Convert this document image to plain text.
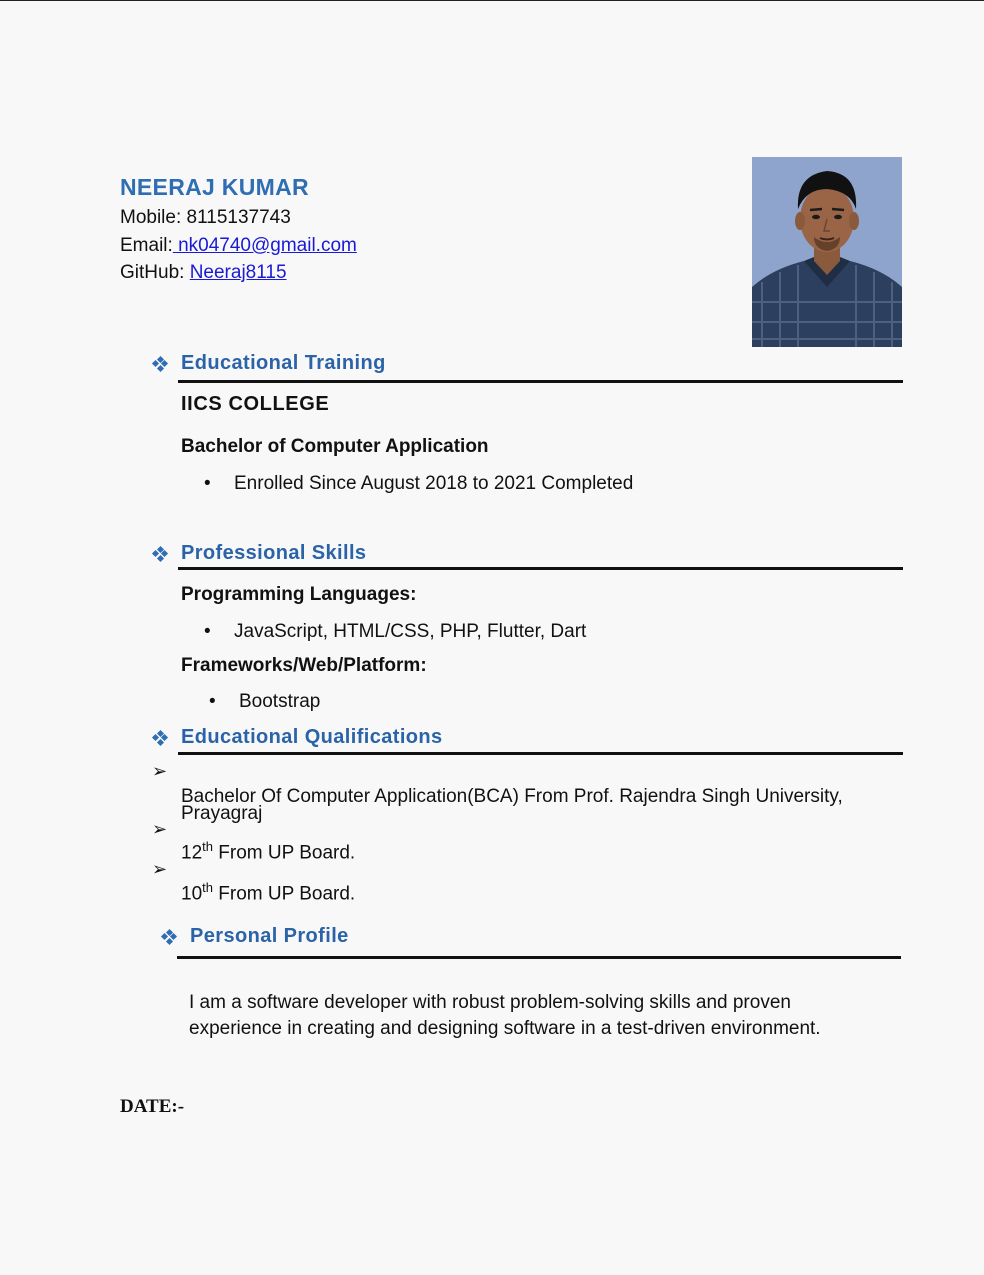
NEERAJ KUMAR
Mobile: 8115137743
Email: nk04740@gmail.com
GitHub: Neeraj8115
Educational Training
IICS COLLEGE
Bachelor of Computer Application
•	Enrolled Since August 2018 to 2021 Completed
Professional Skills
Programming Languages:
•	JavaScript, HTML/CSS, PHP, Flutter, Dart
Frameworks/Web/Platform:
•	Bootstrap
Educational Qualifications
➢
Bachelor Of Computer Application(BCA) From Prof. Rajendra Singh University,
Prayagraj
➢
12th From UP Board.
➢
10th From UP Board.
Personal Profile
I am a software developer with robust problem-solving skills and proven experience in creating and designing software in a test-driven environment.
DATE:-
